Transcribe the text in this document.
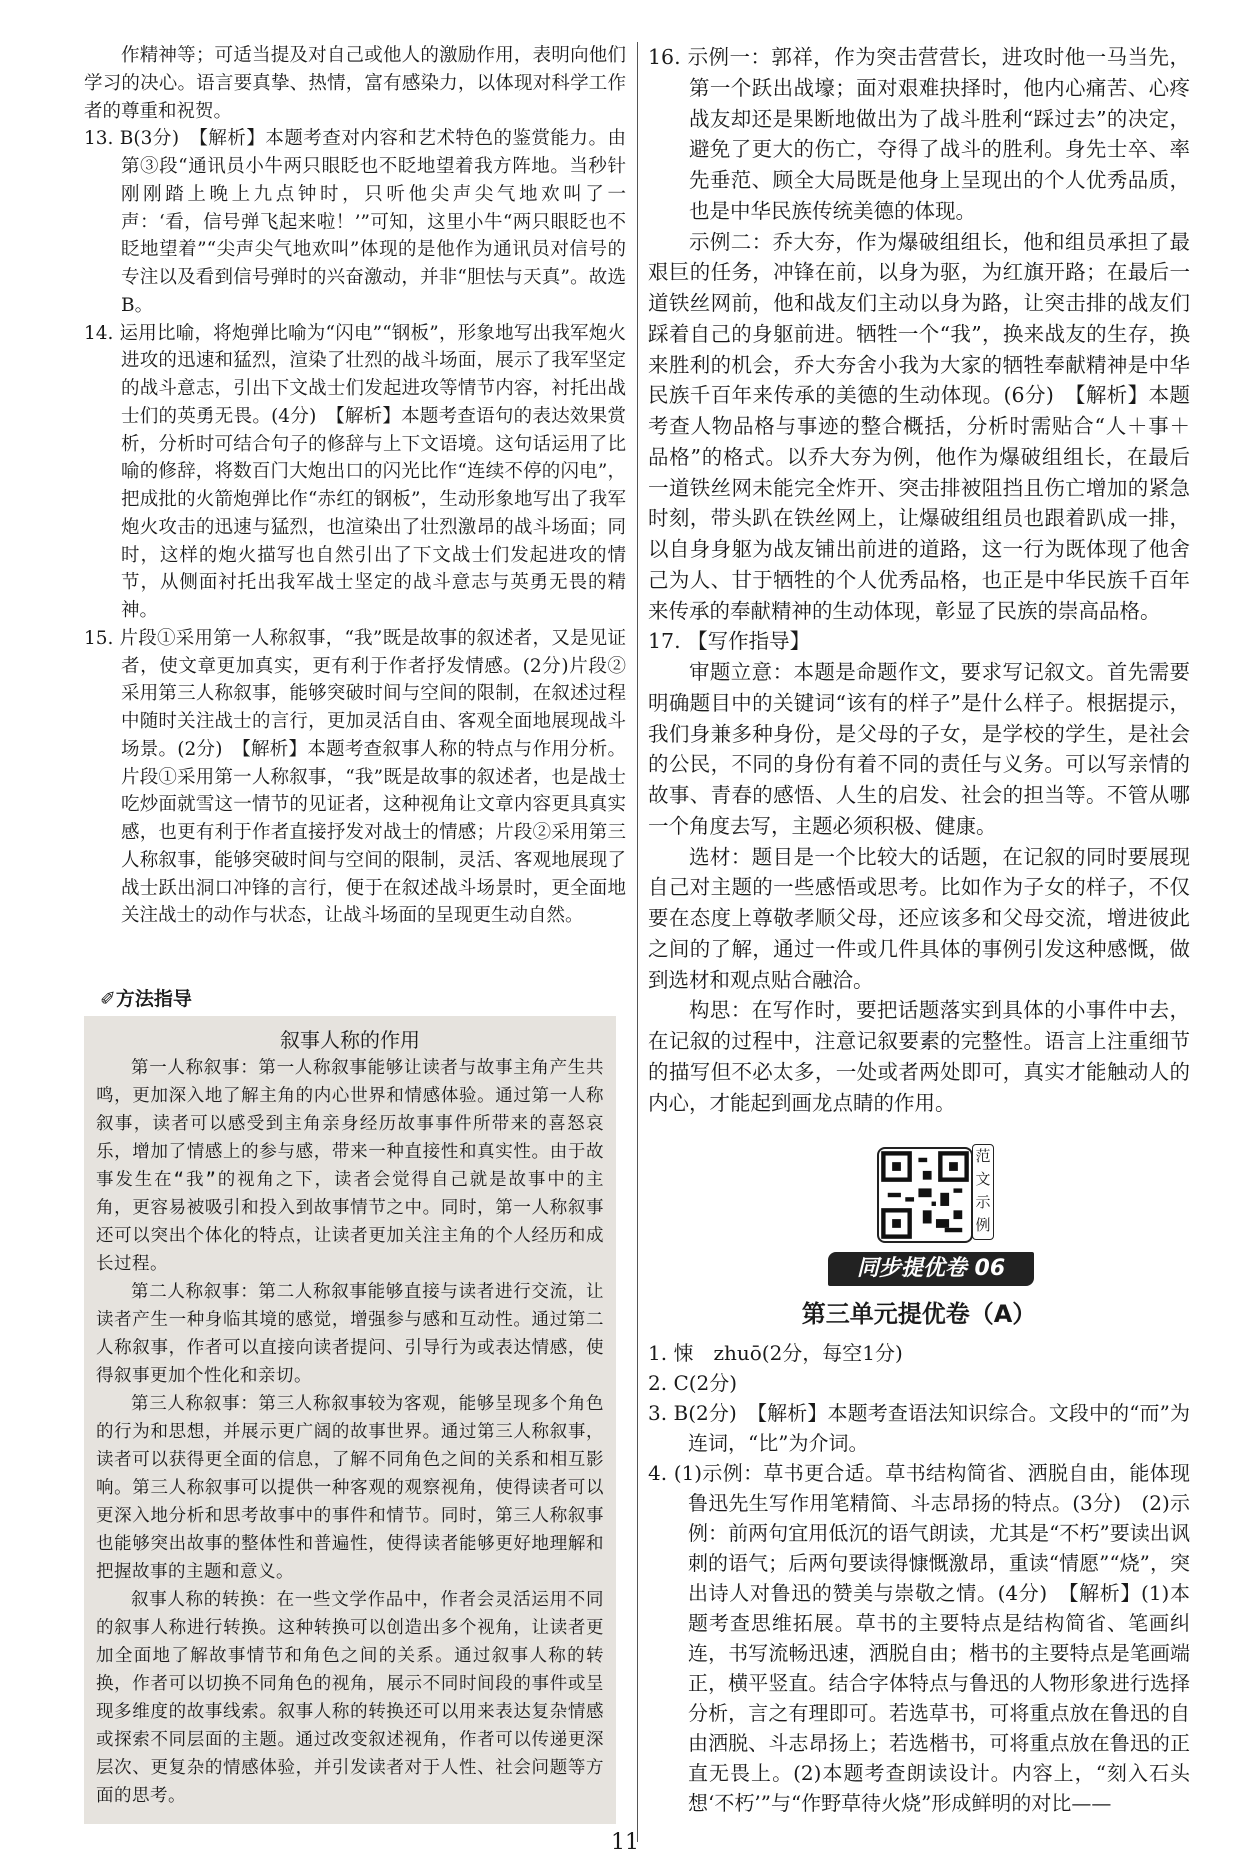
作精神等；可适当提及对自己或他人的激励作用，表明向他们学习的决心。语言要真挚、热情，富有感染力，以体现对科学工作者的尊重和祝贺。

13. B(3分)　【解析】本题考查对内容和艺术特色的鉴赏能力。由第③段“通讯员小牛两只眼眨也不眨地望着我方阵地。当秒针刚刚踏上晚上九点钟时，只听他尖声尖气地欢叫了一声：‘看，信号弹飞起来啦！’”可知，这里小牛“两只眼眨也不眨地望着”“尖声尖气地欢叫”体现的是他作为通讯员对信号的专注以及看到信号弹时的兴奋激动，并非“胆怯与天真”。故选B。

14. 运用比喻，将炮弹比喻为“闪电”“钢板”，形象地写出我军炮火进攻的迅速和猛烈，渲染了壮烈的战斗场面，展示了我军坚定的战斗意志，引出下文战士们发起进攻等情节内容，衬托出战士们的英勇无畏。(4分)　【解析】本题考查语句的表达效果赏析，分析时可结合句子的修辞与上下文语境。这句话运用了比喻的修辞，将数百门大炮出口的闪光比作“连续不停的闪电”，把成批的火箭炮弹比作“赤红的钢板”，生动形象地写出了我军炮火攻击的迅速与猛烈，也渲染出了壮烈激昂的战斗场面；同时，这样的炮火描写也自然引出了下文战士们发起进攻的情节，从侧面衬托出我军战士坚定的战斗意志与英勇无畏的精神。

15. 片段①采用第一人称叙事，“我”既是故事的叙述者，又是见证者，使文章更加真实，更有利于作者抒发情感。(2分)片段②采用第三人称叙事，能够突破时间与空间的限制，在叙述过程中随时关注战士的言行，更加灵活自由、客观全面地展现战斗场景。(2分)　【解析】本题考查叙事人称的特点与作用分析。片段①采用第一人称叙事，“我”既是故事的叙述者，也是战士吃炒面就雪这一情节的见证者，这种视角让文章内容更具真实感，也更有利于作者直接抒发对战士的情感；片段②采用第三人称叙事，能够突破时间与空间的限制，灵活、客观地展现了战士跃出洞口冲锋的言行，便于在叙述战斗场景时，更全面地关注战士的动作与状态，让战斗场面的呈现更生动自然。

✐方法指导
叙事人称的作用

第一人称叙事：第一人称叙事能够让读者与故事主角产生共鸣，更加深入地了解主角的内心世界和情感体验。通过第一人称叙事，读者可以感受到主角亲身经历故事事件所带来的喜怒哀乐，增加了情感上的参与感，带来一种直接性和真实性。由于故事发生在“我”的视角之下，读者会觉得自己就是故事中的主角，更容易被吸引和投入到故事情节之中。同时，第一人称叙事还可以突出个体化的特点，让读者更加关注主角的个人经历和成长过程。

第二人称叙事：第二人称叙事能够直接与读者进行交流，让读者产生一种身临其境的感觉，增强参与感和互动性。通过第二人称叙事，作者可以直接向读者提问、引导行为或表达情感，使得叙事更加个性化和亲切。

第三人称叙事：第三人称叙事较为客观，能够呈现多个角色的行为和思想，并展示更广阔的故事世界。通过第三人称叙事，读者可以获得更全面的信息，了解不同角色之间的关系和相互影响。第三人称叙事可以提供一种客观的观察视角，使得读者可以更深入地分析和思考故事中的事件和情节。同时，第三人称叙事也能够突出故事的整体性和普遍性，使得读者能够更好地理解和把握故事的主题和意义。

叙事人称的转换：在一些文学作品中，作者会灵活运用不同的叙事人称进行转换。这种转换可以创造出多个视角，让读者更加全面地了解故事情节和角色之间的关系。通过叙事人称的转换，作者可以切换不同角色的视角，展示不同时间段的事件或呈现多维度的故事线索。叙事人称的转换还可以用来表达复杂情感或探索不同层面的主题。通过改变叙述视角，作者可以传递更深层次、更复杂的情感体验，并引发读者对于人性、社会问题等方面的思考。

16. 示例一：郭祥，作为突击营营长，进攻时他一马当先，第一个跃出战壕；面对艰难抉择时，他内心痛苦、心疼战友却还是果断地做出为了战斗胜利“踩过去”的决定，避免了更大的伤亡，夺得了战斗的胜利。身先士卒、率先垂范、顾全大局既是他身上呈现出的个人优秀品质，也是中华民族传统美德的体现。

示例二：乔大夯，作为爆破组组长，他和组员承担了最艰巨的任务，冲锋在前，以身为驱，为红旗开路；在最后一道铁丝网前，他和战友们主动以身为路，让突击排的战友们踩着自己的身躯前进。牺牲一个“我”，换来战友的生存，换来胜利的机会，乔大夯舍小我为大家的牺牲奉献精神是中华民族千百年来传承的美德的生动体现。(6分)　【解析】本题考查人物品格与事迹的整合概括，分析时需贴合“人＋事＋品格”的格式。以乔大夯为例，他作为爆破组组长，在最后一道铁丝网未能完全炸开、突击排被阻挡且伤亡增加的紧急时刻，带头趴在铁丝网上，让爆破组组员也跟着趴成一排，以自身身躯为战友铺出前进的道路，这一行为既体现了他舍己为人、甘于牺牲的个人优秀品格，也正是中华民族千百年来传承的奉献精神的生动体现，彰显了民族的崇高品格。

17. 【写作指导】

审题立意：本题是命题作文，要求写记叙文。首先需要明确题目中的关键词“该有的样子”是什么样子。根据提示，我们身兼多种身份，是父母的子女，是学校的学生，是社会的公民，不同的身份有着不同的责任与义务。可以写亲情的故事、青春的感悟、人生的启发、社会的担当等。不管从哪一个角度去写，主题必须积极、健康。

选材：题目是一个比较大的话题，在记叙的同时要展现自己对主题的一些感悟或思考。比如作为子女的样子，不仅要在态度上尊敬孝顺父母，还应该多和父母交流，增进彼此之间的了解，通过一件或几件具体的事例引发这种感慨，做到选材和观点贴合融洽。

构思：在写作时，要把话题落实到具体的小事件中去，在记叙的过程中，注意记叙要素的完整性。语言上注重细节的描写但不必太多，一处或者两处即可，真实才能触动人的内心，才能起到画龙点睛的作用。

范文示例
同步提优卷 06
第三单元提优卷（A）

1. 悚　zhuō(2分，每空1分)

2. C(2分)

3. B(2分)　【解析】本题考查语法知识综合。文段中的“而”为连词，“比”为介词。

4. (1)示例：草书更合适。草书结构简省、洒脱自由，能体现鲁迅先生写作用笔精简、斗志昂扬的特点。(3分)　(2)示例：前两句宜用低沉的语气朗读，尤其是“不朽”要读出讽刺的语气；后两句要读得慷慨激昂，重读“情愿”“烧”，突出诗人对鲁迅的赞美与崇敬之情。(4分)　【解析】(1)本题考查思维拓展。草书的主要特点是结构简省、笔画纠连，书写流畅迅速，洒脱自由；楷书的主要特点是笔画端正，横平竖直。结合字体特点与鲁迅的人物形象进行选择分析，言之有理即可。若选草书，可将重点放在鲁迅的自由洒脱、斗志昂扬上；若选楷书，可将重点放在鲁迅的正直无畏上。(2)本题考查朗读设计。内容上，“刻入石头想‘不朽’”与“作野草待火烧”形成鲜明的对比——

11
